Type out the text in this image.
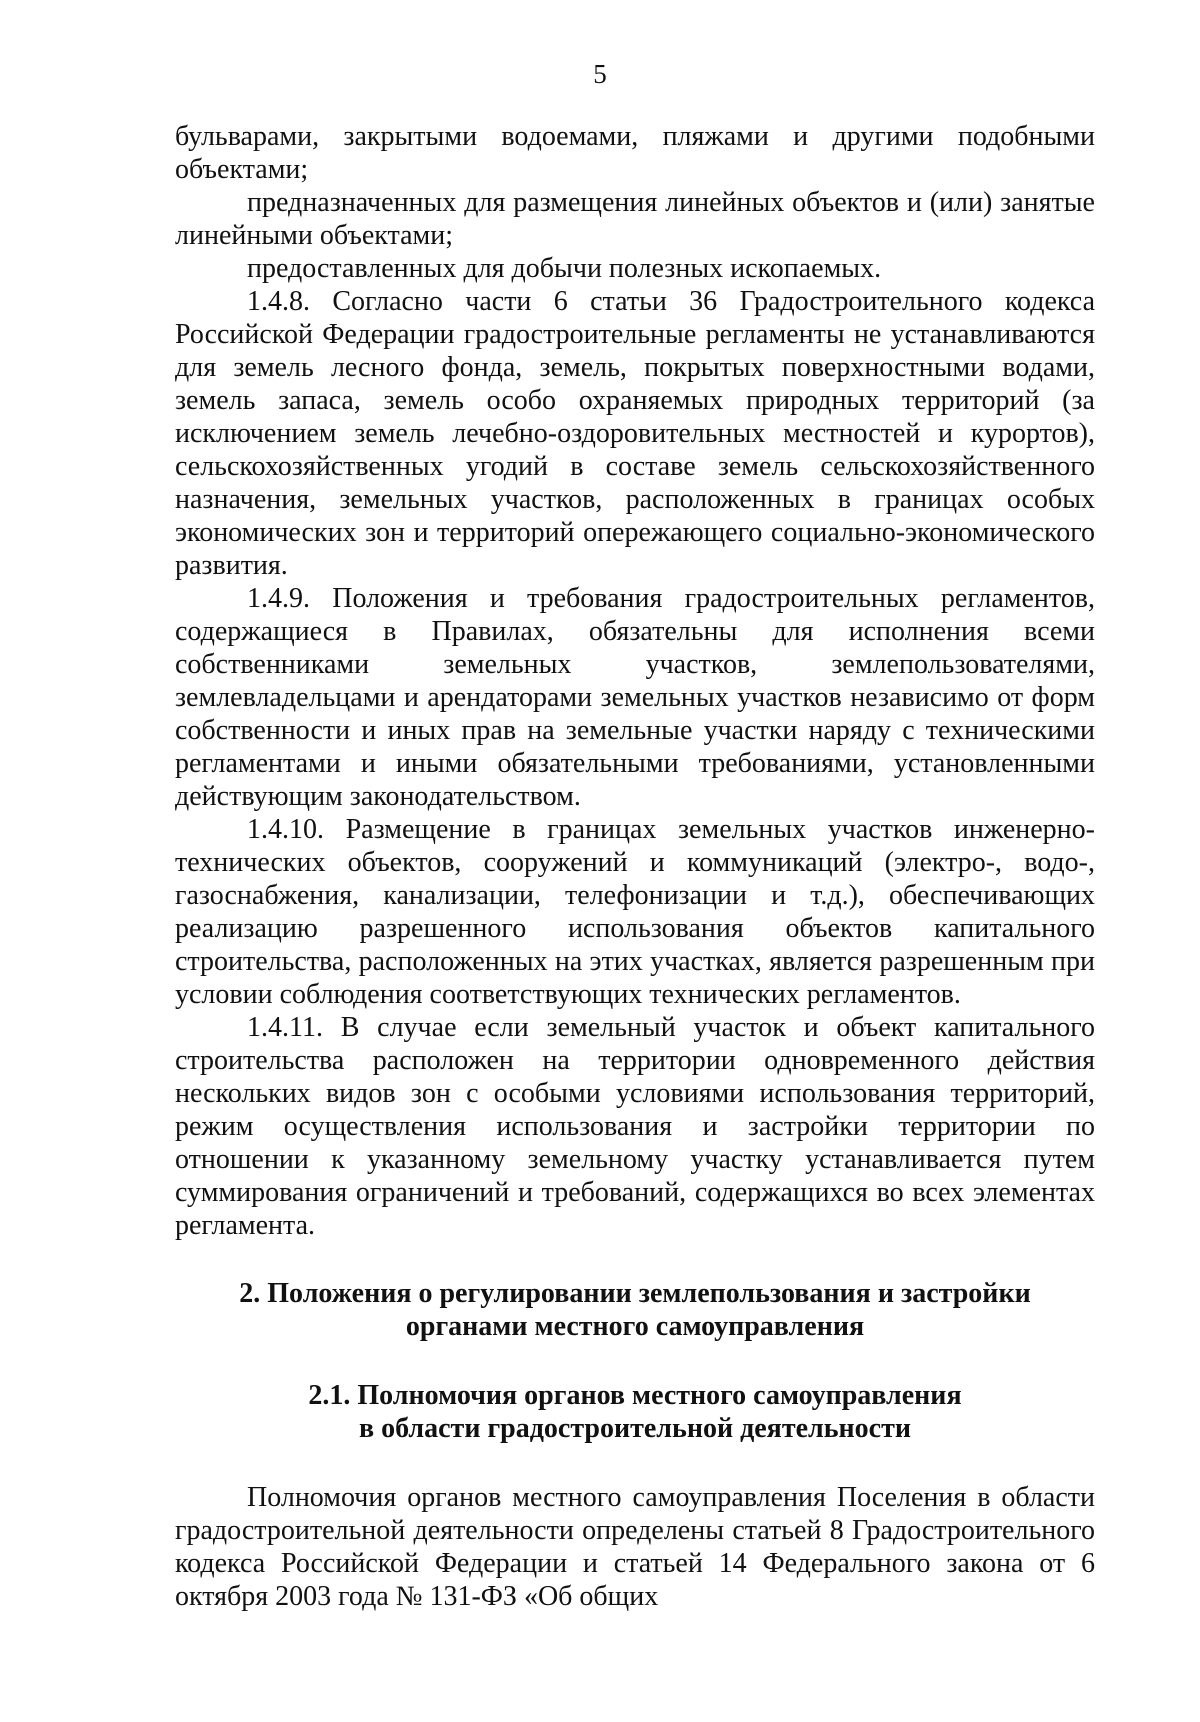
5

бульварами, закрытыми водоемами, пляжами и другими подобными объектами;

предназначенных для размещения линейных объектов и (или) занятые линейными объектами;

предоставленных для добычи полезных ископаемых.

1.4.8. Согласно части 6 статьи 36 Градостроительного кодекса Российской Федерации градостроительные регламенты не устанавливаются для земель лесного фонда, земель, покрытых поверхностными водами, земель запаса, земель особо охраняемых природных территорий (за исключением земель лечебно-оздоровительных местностей и курортов), сельскохозяйственных угодий в составе земель сельскохозяйственного назначения, земельных участков, расположенных в границах особых экономических зон и территорий опережающего социально-экономического развития.

1.4.9. Положения и требования градостроительных регламентов, содержащиеся в Правилах, обязательны для исполнения всеми собственниками земельных участков, землепользователями, землевладельцами и арендаторами земельных участков независимо от форм собственности и иных прав на земельные участки наряду с техническими регламентами и иными обязательными требованиями, установленными действующим законодательством.

1.4.10. Размещение в границах земельных участков инженерно-технических объектов, сооружений и коммуникаций (электро-, водо-, газоснабжения, канализации, телефонизации и т.д.), обеспечивающих реализацию разрешенного использования объектов капитального строительства, расположенных на этих участках, является разрешенным при условии соблюдения соответствующих технических регламентов.

1.4.11. В случае если земельный участок и объект капитального строительства расположен на территории одновременного действия нескольких видов зон с особыми условиями использования территорий, режим осуществления использования и застройки территории по отношении к указанному земельному участку устанавливается путем суммирования ограничений и требований, содержащихся во всех элементах регламента.

2. Положения о регулировании землепользования и застройки
органами местного самоуправления
2.1. Полномочия органов местного самоуправления
в области градостроительной деятельности

Полномочия органов местного самоуправления Поселения в области градостроительной деятельности определены статьей 8 Градостроительного кодекса Российской Федерации и статьей 14 Федерального закона от 6 октября 2003 года № 131-ФЗ «Об общих
